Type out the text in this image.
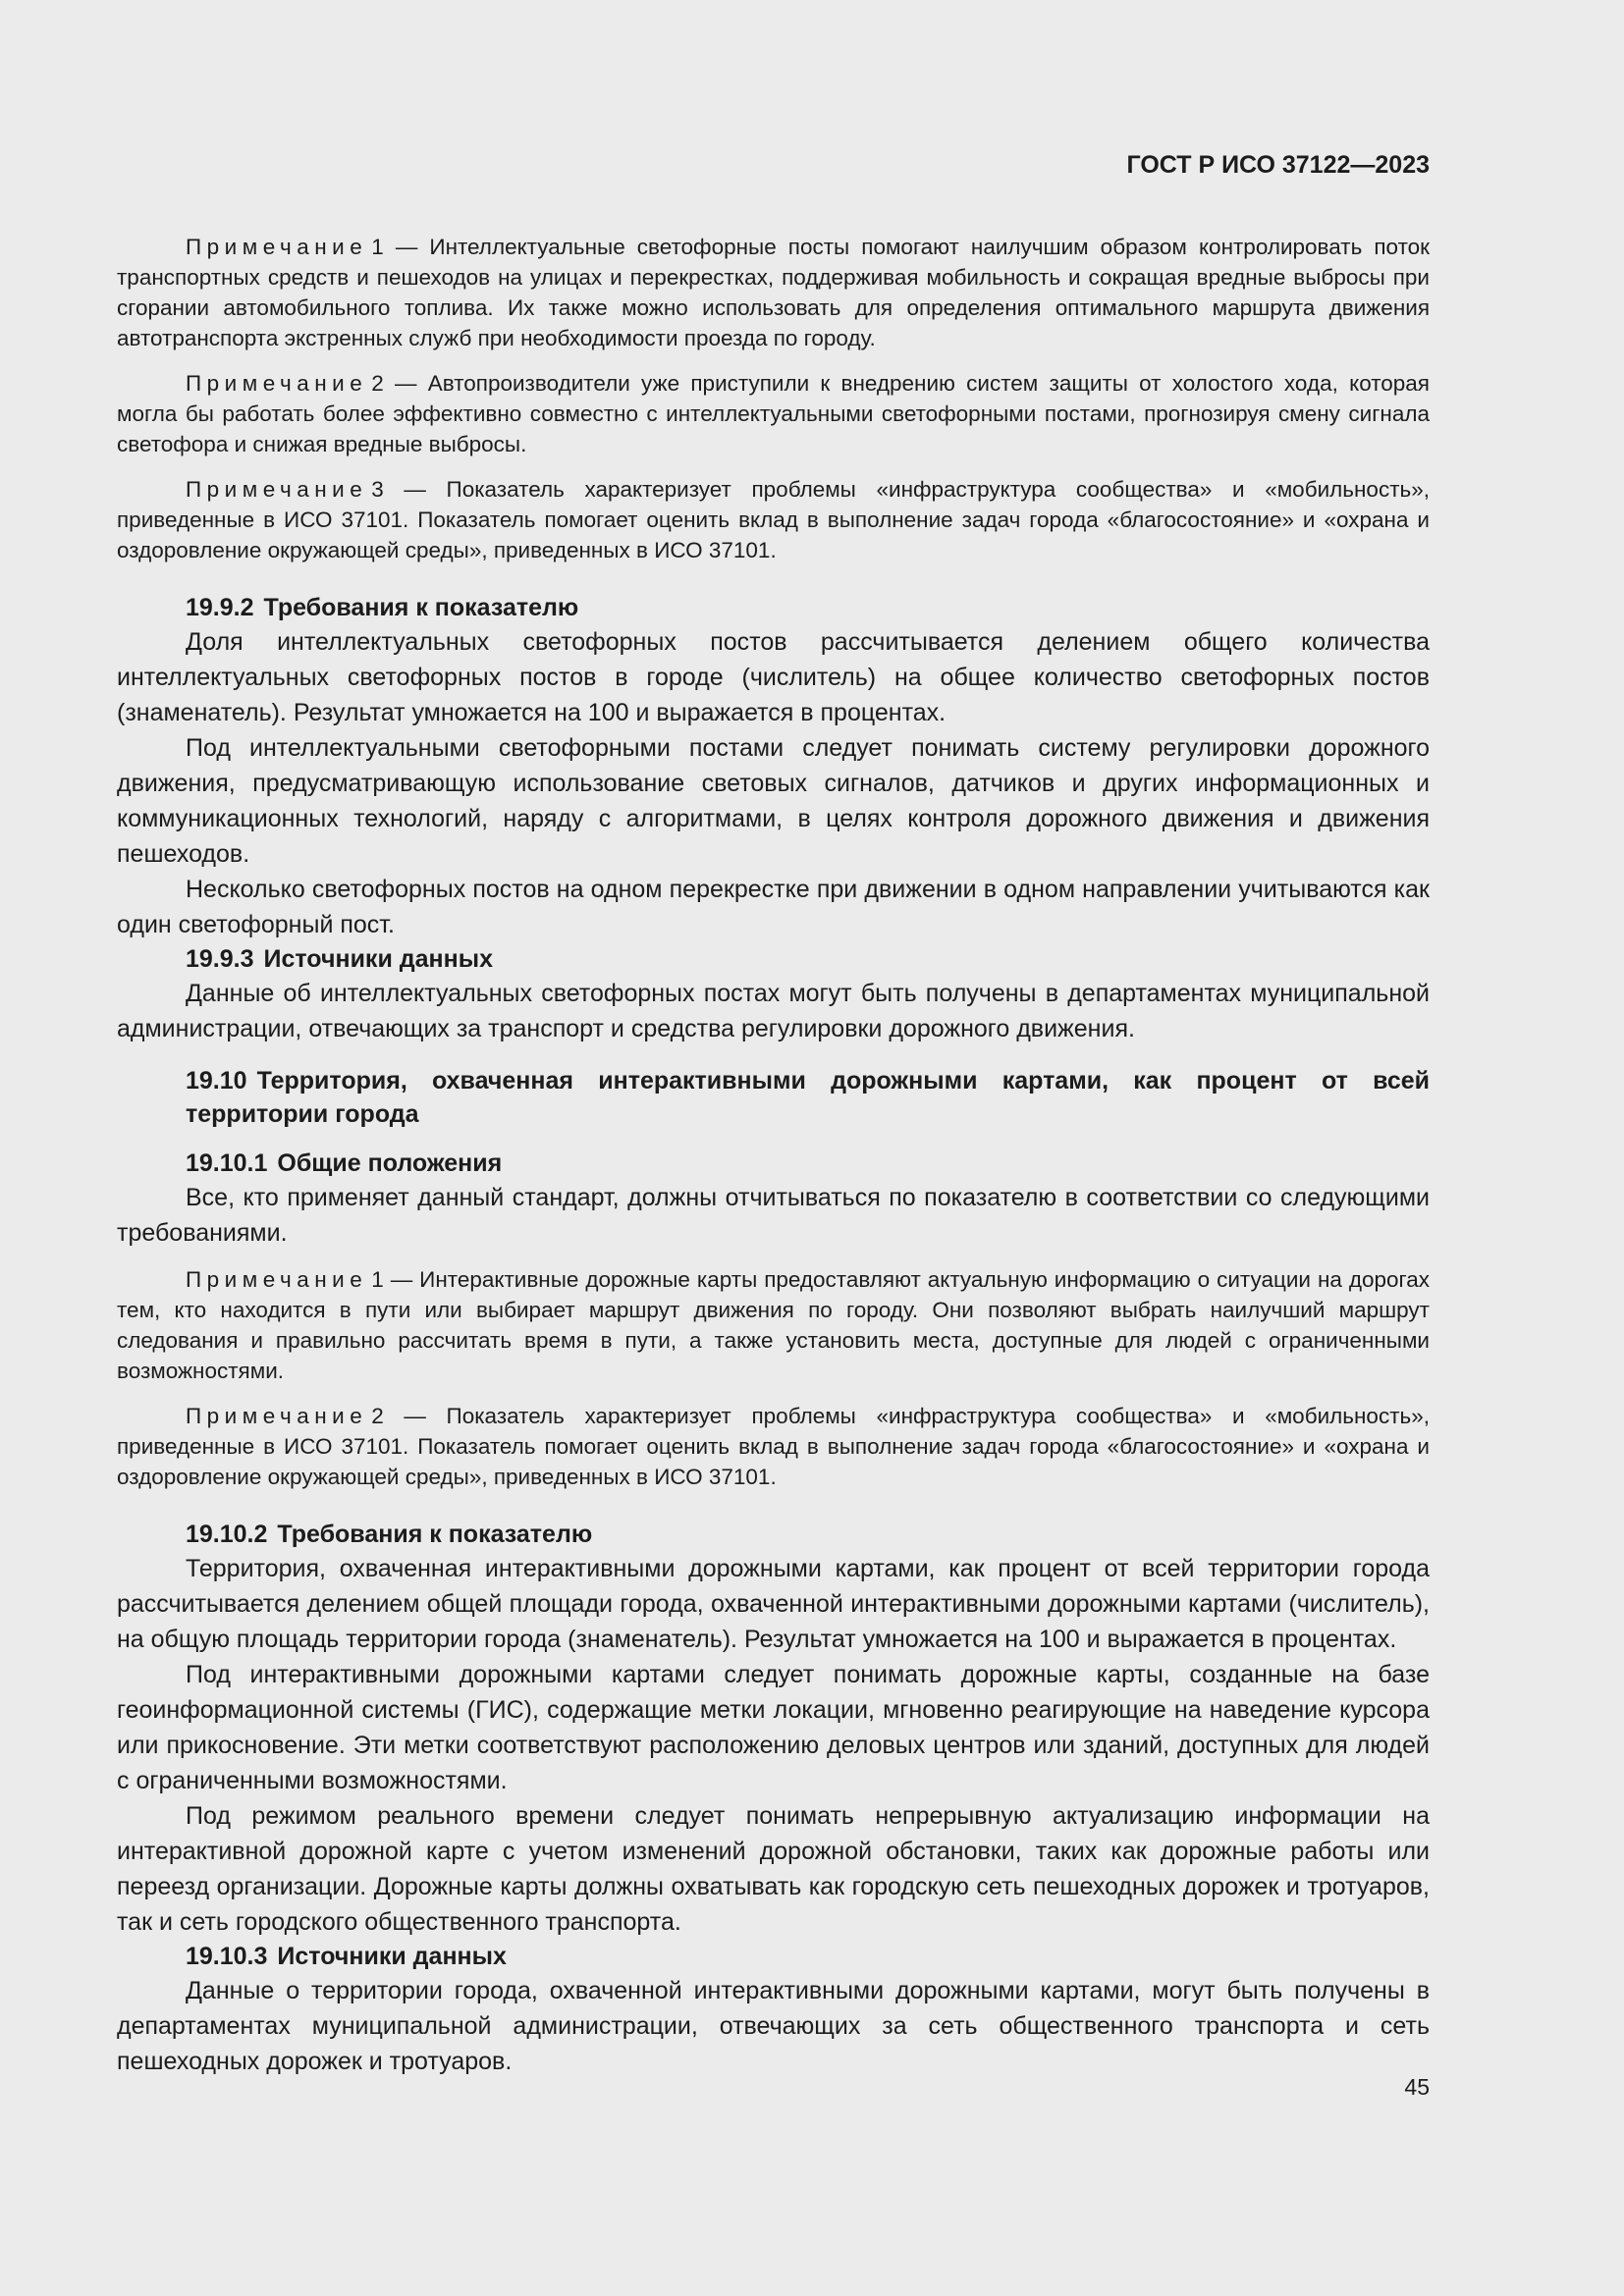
ГОСТ Р ИСО 37122—2023

Примечание 1 — Интеллектуальные светофорные посты помогают наилучшим образом контролировать поток транспортных средств и пешеходов на улицах и перекрестках, поддерживая мобильность и сокращая вредные выбросы при сгорании автомобильного топлива. Их также можно использовать для определения оптимального маршрута движения автотранспорта экстренных служб при необходимости проезда по городу.

Примечание 2 — Автопроизводители уже приступили к внедрению систем защиты от холостого хода, которая могла бы работать более эффективно совместно с интеллектуальными светофорными постами, прогнозируя смену сигнала светофора и снижая вредные выбросы.

Примечание 3 — Показатель характеризует проблемы «инфраструктура сообщества» и «мобильность», приведенные в ИСО 37101. Показатель помогает оценить вклад в выполнение задач города «благосостояние» и «охрана и оздоровление окружающей среды», приведенных в ИСО 37101.

19.9.2 Требования к показателю

Доля интеллектуальных светофорных постов рассчитывается делением общего количества интеллектуальных светофорных постов в городе (числитель) на общее количество светофорных постов (знаменатель). Результат умножается на 100 и выражается в процентах.

Под интеллектуальными светофорными постами следует понимать систему регулировки дорожного движения, предусматривающую использование световых сигналов, датчиков и других информационных и коммуникационных технологий, наряду с алгоритмами, в целях контроля дорожного движения и движения пешеходов.

Несколько светофорных постов на одном перекрестке при движении в одном направлении учитываются как один светофорный пост.

19.9.3 Источники данных

Данные об интеллектуальных светофорных постах могут быть получены в департаментах муниципальной администрации, отвечающих за транспорт и средства регулировки дорожного движения.

19.10 Территория, охваченная интерактивными дорожными картами, как процент от всей территории города
19.10.1 Общие положения

Все, кто применяет данный стандарт, должны отчитываться по показателю в соответствии со следующими требованиями.

Примечание 1 — Интерактивные дорожные карты предоставляют актуальную информацию о ситуации на дорогах тем, кто находится в пути или выбирает маршрут движения по городу. Они позволяют выбрать наилучший маршрут следования и правильно рассчитать время в пути, а также установить места, доступные для людей с ограниченными возможностями.

Примечание 2 — Показатель характеризует проблемы «инфраструктура сообщества» и «мобильность», приведенные в ИСО 37101. Показатель помогает оценить вклад в выполнение задач города «благосостояние» и «охрана и оздоровление окружающей среды», приведенных в ИСО 37101.

19.10.2 Требования к показателю

Территория, охваченная интерактивными дорожными картами, как процент от всей территории города рассчитывается делением общей площади города, охваченной интерактивными дорожными картами (числитель), на общую площадь территории города (знаменатель). Результат умножается на 100 и выражается в процентах.

Под интерактивными дорожными картами следует понимать дорожные карты, созданные на базе геоинформационной системы (ГИС), содержащие метки локации, мгновенно реагирующие на наведение курсора или прикосновение. Эти метки соответствуют расположению деловых центров или зданий, доступных для людей с ограниченными возможностями.

Под режимом реального времени следует понимать непрерывную актуализацию информации на интерактивной дорожной карте с учетом изменений дорожной обстановки, таких как дорожные работы или переезд организации. Дорожные карты должны охватывать как городскую сеть пешеходных дорожек и тротуаров, так и сеть городского общественного транспорта.

19.10.3 Источники данных

Данные о территории города, охваченной интерактивными дорожными картами, могут быть получены в департаментах муниципальной администрации, отвечающих за сеть общественного транспорта и сеть пешеходных дорожек и тротуаров.

45
